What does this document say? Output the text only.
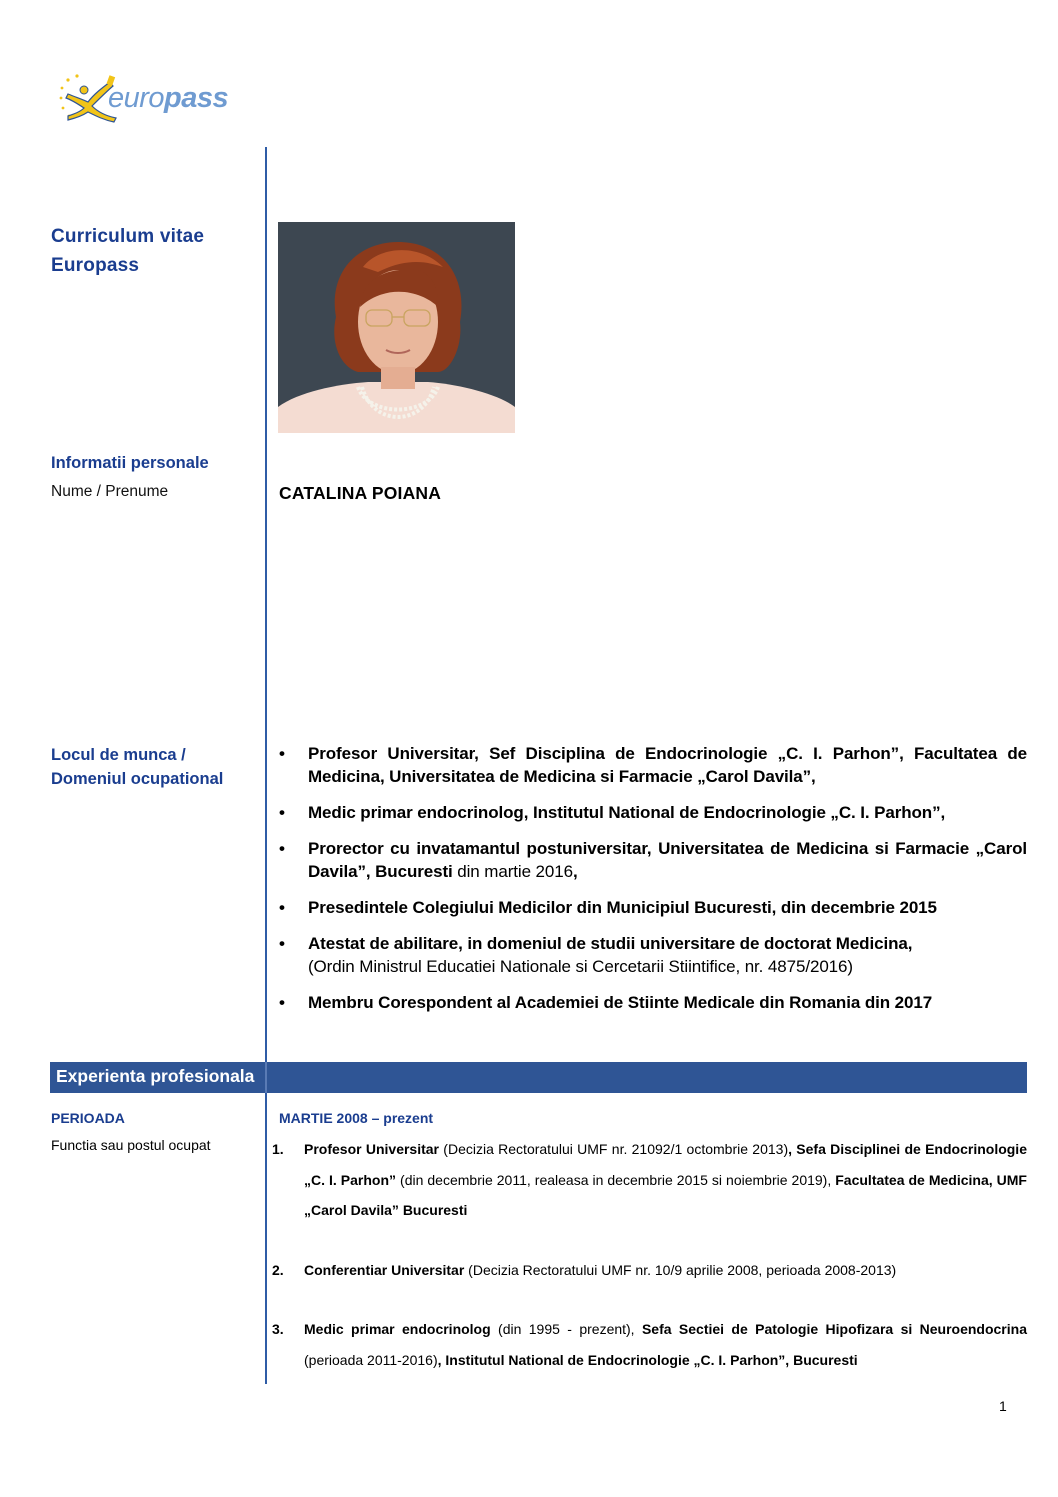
europass
Curriculum vitae
Europass
Informatii personale
Nume / Prenume	CATALINA POIANA
Locul de munca /
Domeniul ocupational
• Profesor Universitar, Sef Disciplina de Endocrinologie „C. I. Parhon”, Facultatea de Medicina, Universitatea de Medicina si Farmacie „Carol Davila”,
• Medic primar endocrinolog, Institutul National de Endocrinologie „C. I. Parhon”,
• Prorector cu invatamantul postuniversitar, Universitatea de Medicina si Farmacie „Carol Davila”, Bucuresti din martie 2016,
• Presedintele Colegiului Medicilor din Municipiul Bucuresti, din decembrie 2015
• Atestat de abilitare, in domeniul de studii universitare de doctorat Medicina,
(Ordin Ministrul Educatiei Nationale si Cercetarii Stiintifice, nr. 4875/2016)
• Membru Corespondent al Academiei de Stiinte Medicale din Romania din 2017
Experienta profesionala
PERIOADA	MARTIE 2008 – prezent
Functia sau postul ocupat	1. Profesor Universitar (Decizia Rectoratului UMF nr. 21092/1 octombrie 2013), Sefa Disciplinei de Endocrinologie „C. I. Parhon” (din decembrie 2011, realeasa in decembrie 2015 si noiembrie 2019), Facultatea de Medicina, UMF „Carol Davila” Bucuresti
2. Conferentiar Universitar (Decizia Rectoratului UMF nr. 10/9 aprilie 2008, perioada 2008-2013)
3. Medic primar endocrinolog (din 1995 - prezent), Sefa Sectiei de Patologie Hipofizara si Neuroendocrina (perioada 2011-2016), Institutul National de Endocrinologie „C. I. Parhon”, Bucuresti
1
